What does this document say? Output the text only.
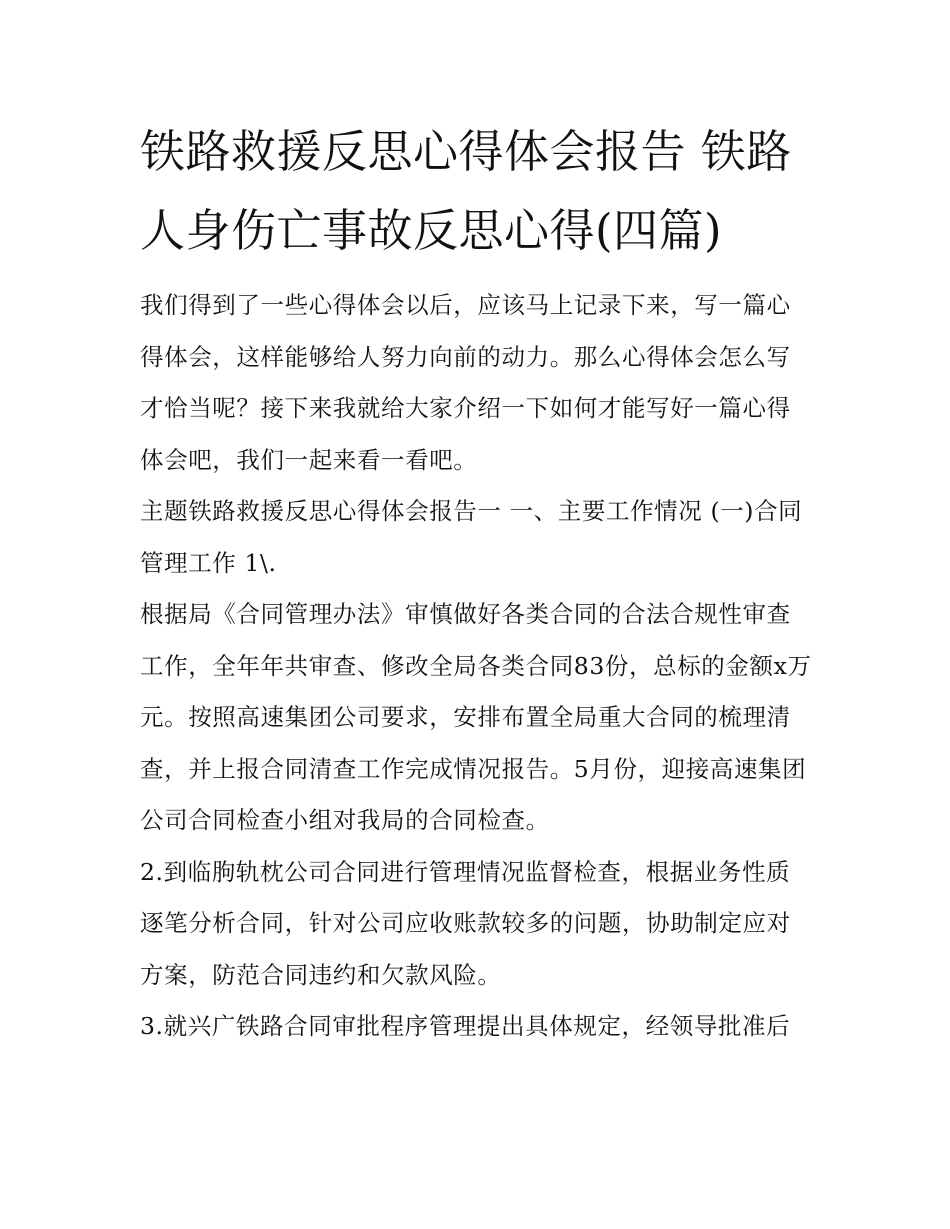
铁路救援反思心得体会报告 铁路人身伤亡事故反思心得(四篇)

我们得到了一些心得体会以后，应该马上记录下来，写一篇心得体会，这样能够给人努力向前的动力。那么心得体会怎么写才恰当呢？接下来我就给大家介绍一下如何才能写好一篇心得体会吧，我们一起来看一看吧。

主题铁路救援反思心得体会报告一 一、主要工作情况 (一)合同管理工作 1\.

根据局《合同管理办法》审慎做好各类合同的合法合规性审查工作，全年年共审查、修改全局各类合同83份，总标的金额x万元。按照高速集团公司要求，安排布置全局重大合同的梳理清查，并上报合同清查工作完成情况报告。5月份，迎接高速集团公司合同检查小组对我局的合同检查。

2.到临朐轨枕公司合同进行管理情况监督检查，根据业务性质逐笔分析合同，针对公司应收账款较多的问题，协助制定应对方案，防范合同违约和欠款风险。

3.就兴广铁路合同审批程序管理提出具体规定，经领导批准后
